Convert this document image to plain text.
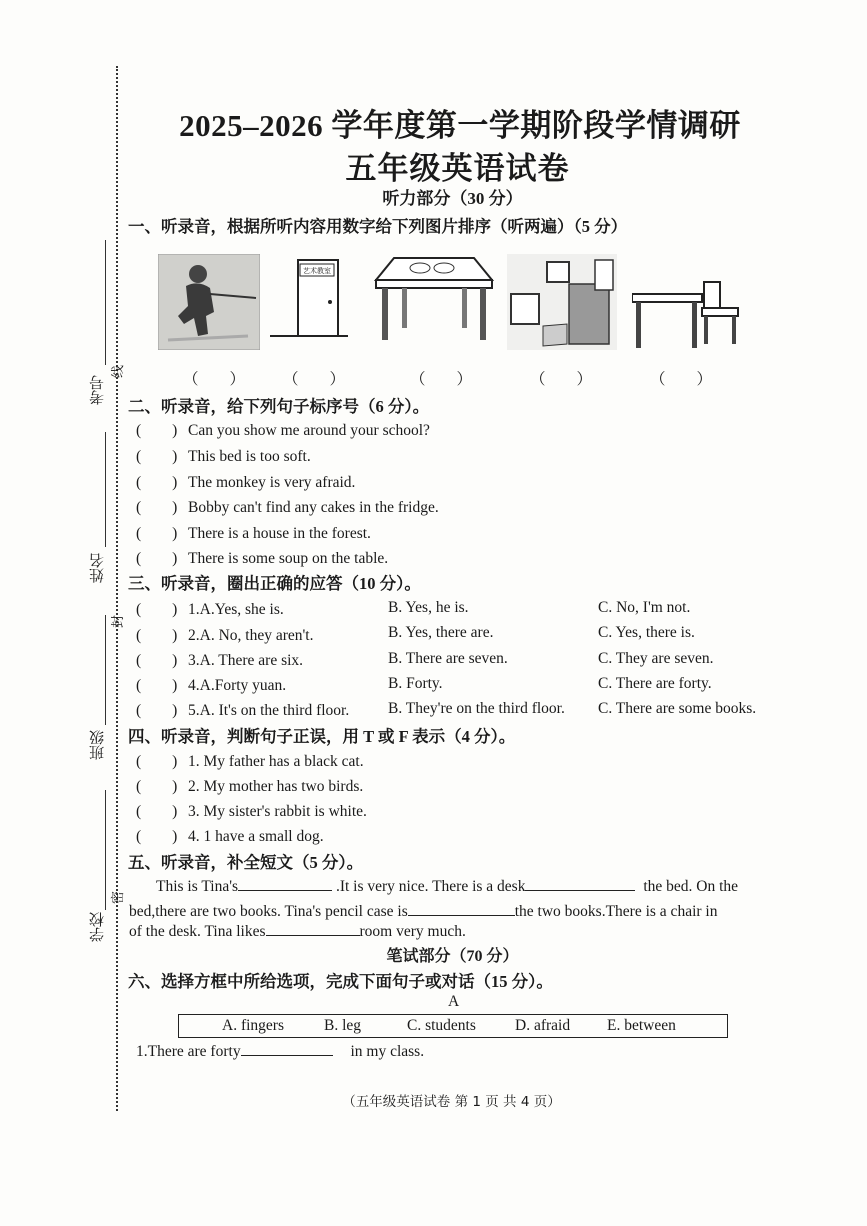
考号
线
姓名
封
班级
密
学校
2025–2026 学年度第一学期阶段学情调研
五年级英语试卷
听力部分（30 分）
一、听录音，根据所听内容用数字给下列图片排序（听两遍）（5 分）
艺术教室
（　　） （　　）	（　　）	（　　）	（　　）
二、听录音，给下列句子标序号（6 分）。
(　　) Can you show me around your school?
(　　) This bed is too soft.
(　　) The monkey is very afraid.
(　　) Bobby can't find any cakes in the fridge.
(　　) There is a house in the forest.
(　　) There is some soup on the table.
三、听录音，圈出正确的应答（10 分）。
(　　) 1.A.Yes, she is.	B. Yes, he is.	C. No, I'm not.
(　　) 2.A. No, they aren't.	B. Yes, there are.	C. Yes, there is.
(　　) 3.A. There are six.	B. There are seven.	C. They are seven.
(　　) 4.A.Forty yuan.	B. Forty.	C. There are forty.
(　　) 5.A. It's on the third floor.	B. They're on the third floor. C. There are some books.
四、听录音，判断句子正误，用 T 或 F 表示（4 分）。
(　　) 1. My father has a black cat.
(　　) 2. My mother has two birds.
(　　) 3. My sister's rabbit is white.
(　　) 4. 1 have a small dog.
五、听录音，补全短文（5 分）。
This is Tina's	.It is very nice. There is a desk	the bed. On the
bed,there are two books. Tina's pencil case is	the two books.There is a chair in
of the desk. Tina likes	room very much.
笔试部分（70 分）
六、选择方框中所给选项，完成下面句子或对话（15 分）。
A
A. fingers	B. leg	C. students	D. afraid E. between
1.There are forty	in my class.
（五年级英语试卷 第 1 页 共 4 页）
